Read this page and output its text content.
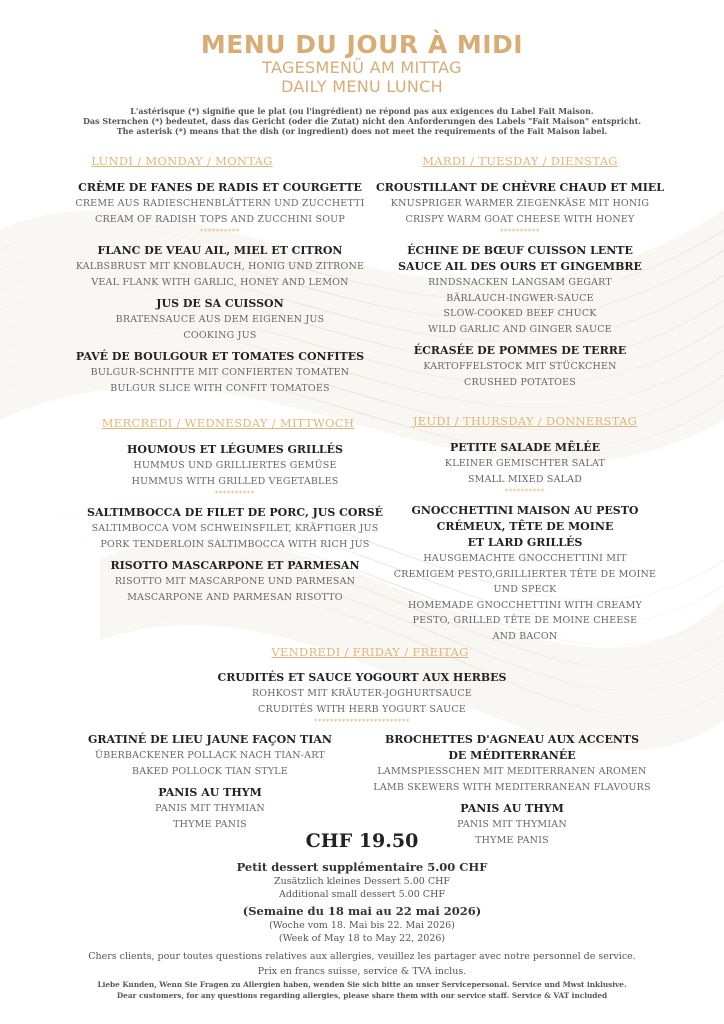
MENU DU JOUR À MIDI
TAGESMENÜ AM MITTAG
DAILY MENU LUNCH
L'astérisque (*) signifie que le plat (ou l'ingrédient) ne répond pas aux exigences du Label Fait Maison.
Das Sternchen (*) bedeutet, dass das Gericht (oder die Zutat) nicht den Anforderungen des Labels "Fait Maison" entspricht.
The asterisk (*) means that the dish (or ingredient) does not meet the requirements of the Fait Maison label.
LUNDI / MONDAY / MONTAG
CRÈME DE FANES DE RADIS ET COURGETTE
CREME AUS RADIESCHENBLÄTTERN UND ZUCCHETTI
CREAM OF RADISH TOPS AND ZUCCHINI SOUP
**********
FLANC DE VEAU AIL, MIEL ET CITRON
KALBSBRUST MIT KNOBLAUCH, HONIG UND ZITRONE
VEAL FLANK WITH GARLIC, HONEY AND LEMON
JUS DE SA CUISSON
BRATENSAUCE AUS DEM EIGENEN JUS
COOKING JUS
PAVÉ DE BOULGOUR ET TOMATES CONFITES
BULGUR-SCHNITTE MIT CONFIERTEN TOMATEN
BULGUR SLICE WITH CONFIT TOMATOES
MARDI / TUESDAY / DIENSTAG
CROUSTILLANT DE CHÈVRE CHAUD ET MIEL
KNUSPRIGER WARMER ZIEGENKÄSE MIT HONIG
CRISPY WARM GOAT CHEESE WITH HONEY
**********
ÉCHINE DE BŒUF CUISSON LENTE
SAUCE AIL DES OURS ET GINGEMBRE
RINDSNACKEN LANGSAM GEGART
BÄRLAUCH-INGWER-SAUCE
SLOW-COOKED BEEF CHUCK
WILD GARLIC AND GINGER SAUCE
ÉCRASÉE DE POMMES DE TERRE
KARTOFFELSTOCK MIT STÜCKCHEN
CRUSHED POTATOES
MERCREDI / WEDNESDAY / MITTWOCH
HOUMOUS ET LÉGUMES GRILLÉS
HUMMUS UND GRILLIERTES GEMÜSE
HUMMUS WITH GRILLED VEGETABLES
**********
SALTIMBOCCA DE FILET DE PORC, JUS CORSÉ
SALTIMBOCCA VOM SCHWEINSFILET, KRÄFTIGER JUS
PORK TENDERLOIN SALTIMBOCCA WITH RICH JUS
RISOTTO MASCARPONE ET PARMESAN
RISOTTO MIT MASCARPONE UND PARMESAN
MASCARPONE AND PARMESAN RISOTTO
JEUDI / THURSDAY / DONNERSTAG
PETITE SALADE MÊLÉE
KLEINER GEMISCHTER SALAT
SMALL MIXED SALAD
**********
GNOCCHETTINI MAISON AU PESTO
CRÉMEUX, TÊTE DE MOINE
ET LARD GRILLÉS
HAUSGEMACHTE GNOCCHETTINI MIT
CREMIGEM PESTO,GRILLIERTER TÊTE DE MOINE
UND SPECK
HOMEMADE GNOCCHETTINI WITH CREAMY
PESTO, GRILLED TÊTE DE MOINE CHEESE
AND BACON
VENDREDI / FRIDAY / FREITAG
CRUDITÉS ET SAUCE YOGOURT AUX HERBES
ROHKOST MIT KRÄUTER-JOGHURTSAUCE
CRUDITÉS WITH HERB YOGURT SAUCE
************************
GRATINÉ DE LIEU JAUNE FAÇON TIAN
ÜBERBACKENER POLLACK NACH TIAN-ART
BAKED POLLOCK TIAN STYLE
PANIS AU THYM
PANIS MIT THYMIAN
THYME PANIS
BROCHETTES D'AGNEAU AUX ACCENTS
DE MÉDITERRANÉE
LAMMSPIESSCHEN MIT MEDITERRANEN AROMEN
LAMB SKEWERS WITH MEDITERRANEAN FLAVOURS
PANIS AU THYM
PANIS MIT THYMIAN
THYME PANIS
CHF 19.50
Petit dessert supplémentaire 5.00 CHF
Zusätzlich kleines Dessert 5.00 CHF
Additional small dessert 5.00 CHF
(Semaine du 18 mai au 22 mai 2026)
(Woche vom 18. Mai bis 22. Mai 2026)
(Week of May 18 to May 22, 2026)
Chers clients, pour toutes questions relatives aux allergies, veuillez les partager avec notre personnel de service.
Prix en francs suisse, service & TVA inclus.
Liebe Kunden, Wenn Sie Fragen zu Allergien haben, wenden Sie sich bitte an unser Servicepersonal. Service und Mwst inklusive.
Dear customers, for any questions regarding allergies, please share them with our service staff. Service & VAT included
